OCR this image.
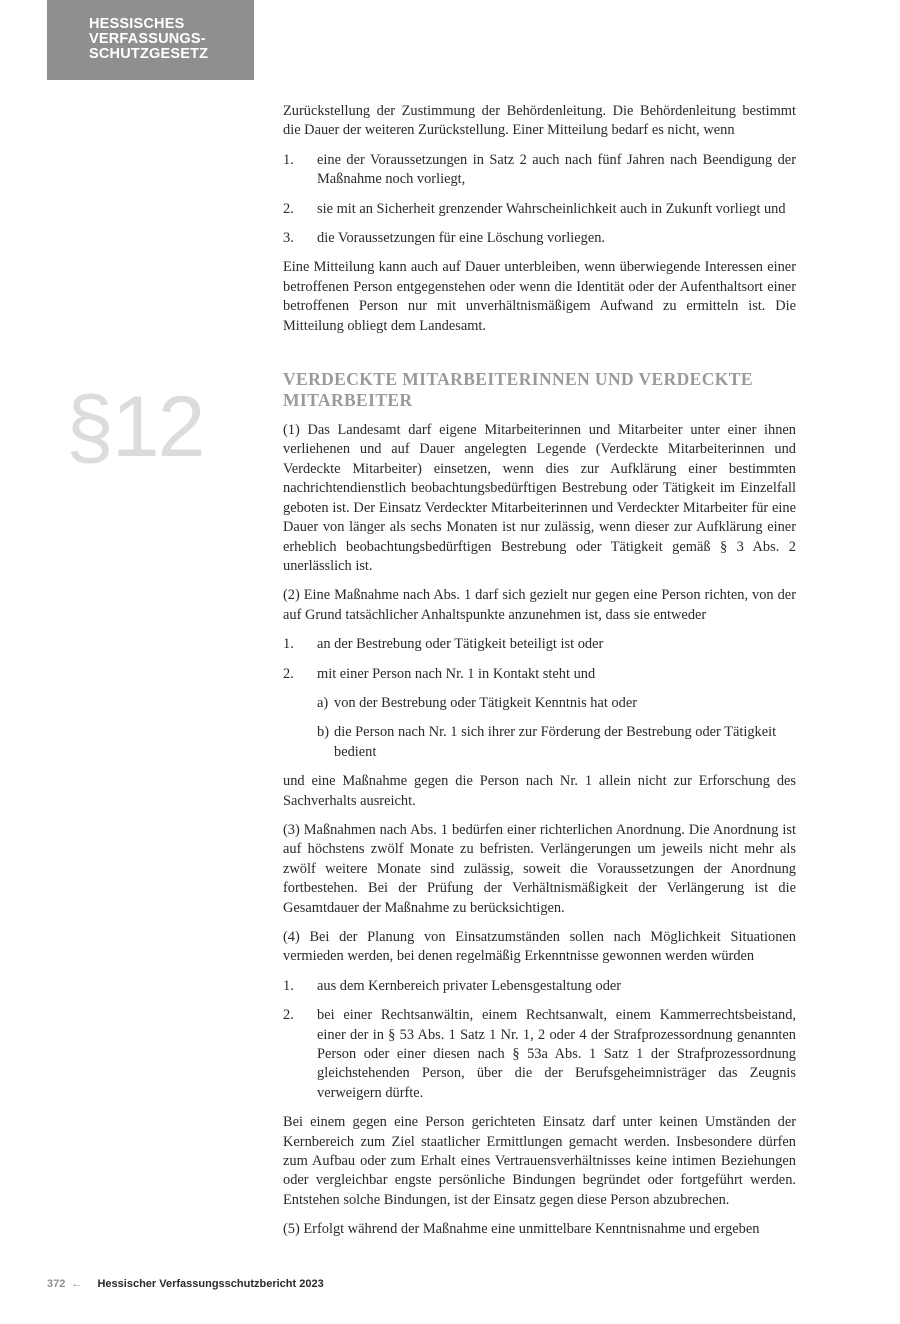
HESSISCHES
VERFASSUNGS-
SCHUTZGESETZ
§12

Zurückstellung der Zustimmung der Behördenleitung. Die Behördenleitung bestimmt die Dauer der weiteren Zurückstellung. Einer Mitteilung bedarf es nicht, wenn

1.	eine der Voraussetzungen in Satz 2 auch nach fünf Jahren nach Beendigung der Maßnahme noch vorliegt,
2.	sie mit an Sicherheit grenzender Wahrscheinlichkeit auch in Zukunft vorliegt und
3.	die Voraussetzungen für eine Löschung vorliegen.

Eine Mitteilung kann auch auf Dauer unterbleiben, wenn überwiegende Interessen einer betroffenen Person entgegenstehen oder wenn die Identität oder der Aufenthaltsort einer betroffenen Person nur mit unverhältnismäßigem Aufwand zu ermitteln ist. Die Mitteilung obliegt dem Landesamt.

VERDECKTE MITARBEITERINNEN UND VERDECKTE MITARBEITER

(1) Das Landesamt darf eigene Mitarbeiterinnen und Mitarbeiter unter einer ihnen verliehenen und auf Dauer angelegten Legende (Verdeckte Mitarbeiterinnen und Verdeckte Mitarbeiter) einsetzen, wenn dies zur Aufklärung einer bestimmten nachrichtendienstlich beobachtungsbedürftigen Bestrebung oder Tätigkeit im Einzelfall geboten ist. Der Einsatz Verdeckter Mitarbeiterinnen und Verdeckter Mitarbeiter für eine Dauer von länger als sechs Monaten ist nur zulässig, wenn dieser zur Aufklärung einer erheblich beobachtungsbedürftigen Bestrebung oder Tätigkeit gemäß § 3 Abs. 2 unerlässlich ist.

(2) Eine Maßnahme nach Abs. 1 darf sich gezielt nur gegen eine Person richten, von der auf Grund tatsächlicher Anhaltspunkte anzunehmen ist, dass sie entweder

1.	an der Bestrebung oder Tätigkeit beteiligt ist oder
2.	mit einer Person nach Nr. 1 in Kontakt steht und
a) von der Bestrebung oder Tätigkeit Kenntnis hat oder
b) die Person nach Nr. 1 sich ihrer zur Förderung der Bestrebung oder Tätigkeit bedient

und eine Maßnahme gegen die Person nach Nr. 1 allein nicht zur Erforschung des Sachverhalts ausreicht.

(3) Maßnahmen nach Abs. 1 bedürfen einer richterlichen Anordnung. Die Anordnung ist auf höchstens zwölf Monate zu befristen. Verlängerungen um jeweils nicht mehr als zwölf weitere Monate sind zulässig, soweit die Voraussetzungen der Anordnung fortbestehen. Bei der Prüfung der Verhältnismäßigkeit der Verlängerung ist die Gesamtdauer der Maßnahme zu berücksichtigen.

(4) Bei der Planung von Einsatzumständen sollen nach Möglichkeit Situationen vermieden werden, bei denen regelmäßig Erkenntnisse gewonnen werden würden

1.	aus dem Kernbereich privater Lebensgestaltung oder
2.	bei einer Rechtsanwältin, einem Rechtsanwalt, einem Kammerrechtsbeistand, einer der in § 53 Abs. 1 Satz 1 Nr. 1, 2 oder 4 der Strafprozessordnung genannten Person oder einer diesen nach § 53a Abs. 1 Satz 1 der Strafprozessordnung gleichstehenden Person, über die der Berufsgeheimnisträger das Zeugnis verweigern dürfte.

Bei einem gegen eine Person gerichteten Einsatz darf unter keinen Umständen der Kernbereich zum Ziel staatlicher Ermittlungen gemacht werden. Insbesondere dürfen zum Aufbau oder zum Erhalt eines Vertrauensverhältnisses keine intimen Beziehungen oder vergleichbar engste persönliche Bindungen begründet oder fortgeführt werden. Entstehen solche Bindungen, ist der Einsatz gegen diese Person abzubrechen.

(5) Erfolgt während der Maßnahme eine unmittelbare Kenntnisnahme und ergeben

372 ← Hessischer Verfassungsschutzbericht 2023
